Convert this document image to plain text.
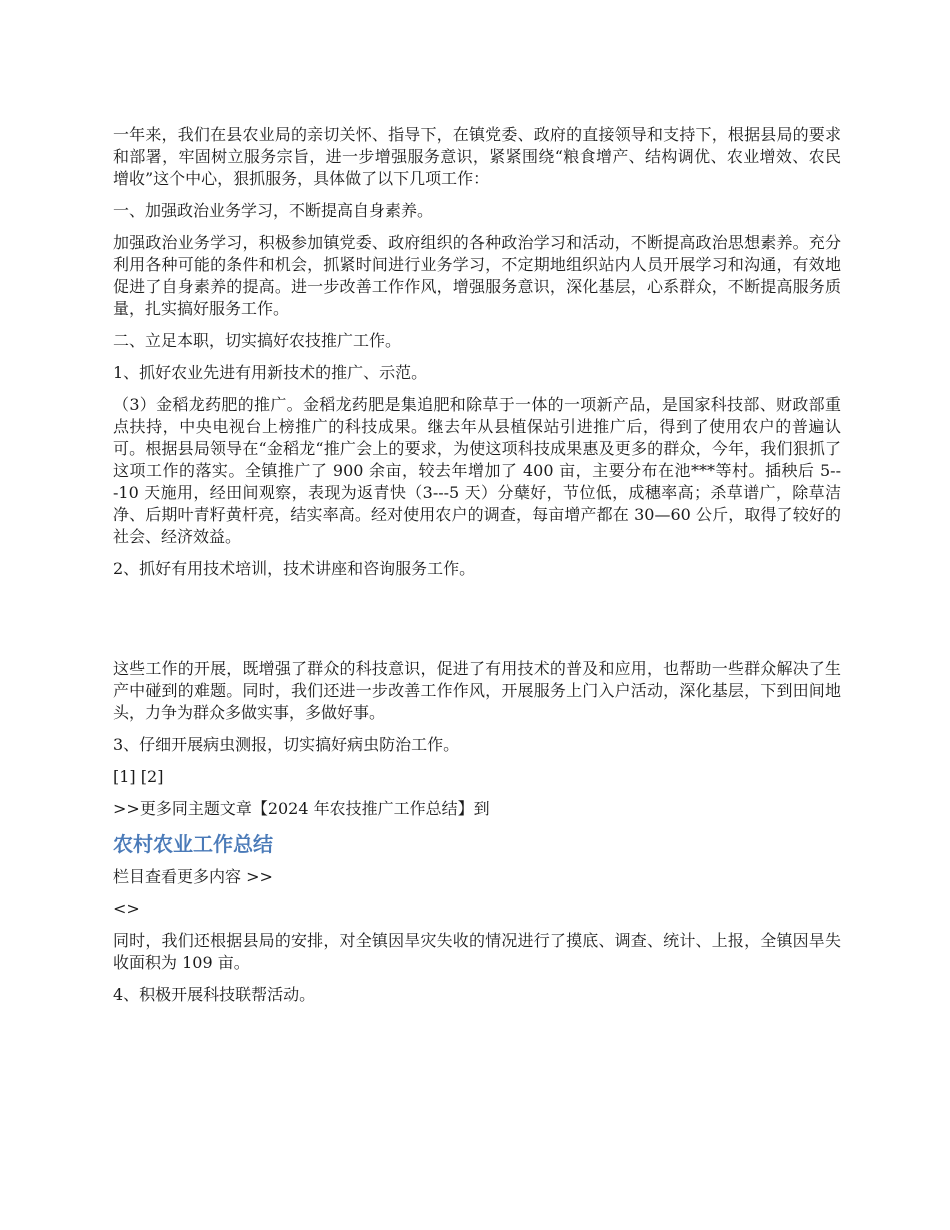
一年来，我们在县农业局的亲切关怀、指导下，在镇党委、政府的直接领导和支持下，根据县局的要求和部署，牢固树立服务宗旨，进一步增强服务意识，紧紧围绕“粮食增产、结构调优、农业增效、农民增收”这个中心，狠抓服务，具体做了以下几项工作：

一、加强政治业务学习，不断提高自身素养。

加强政治业务学习，积极参加镇党委、政府组织的各种政治学习和活动，不断提高政治思想素养。充分利用各种可能的条件和机会，抓紧时间进行业务学习，不定期地组织站内人员开展学习和沟通，有效地促进了自身素养的提高。进一步改善工作作风，增强服务意识，深化基层，心系群众，不断提高服务质量，扎实搞好服务工作。

二、立足本职，切实搞好农技推广工作。

1、抓好农业先进有用新技术的推广、示范。

（3）金稻龙药肥的推广。金稻龙药肥是集追肥和除草于一体的一项新产品，是国家科技部、财政部重点扶持，中央电视台上榜推广的科技成果。继去年从县植保站引进推广后，得到了使用农户的普遍认可。根据县局领导在“金稻龙“推广会上的要求，为使这项科技成果惠及更多的群众，今年，我们狠抓了这项工作的落实。全镇推广了 900 余亩，较去年增加了 400 亩，主要分布在池***等村。插秧后 5---10 天施用，经田间观察，表现为返青快（3---5 天）分蘖好，节位低，成穗率高；杀草谱广，除草洁净、后期叶青籽黄杆亮，结实率高。经对使用农户的调查，每亩增产都在 30—60 公斤，取得了较好的社会、经济效益。

2、抓好有用技术培训，技术讲座和咨询服务工作。

这些工作的开展，既增强了群众的科技意识，促进了有用技术的普及和应用，也帮助一些群众解决了生产中碰到的难题。同时，我们还进一步改善工作作风，开展服务上门入户活动，深化基层，下到田间地头，力争为群众多做实事，多做好事。

3、仔细开展病虫测报，切实搞好病虫防治工作。

[1] [2]

>>更多同主题文章【2024 年农技推广工作总结】到

农村农业工作总结

栏目查看更多内容 >>

<>

同时，我们还根据县局的安排，对全镇因旱灾失收的情况进行了摸底、调查、统计、上报，全镇因旱失收面积为 109 亩。

4、积极开展科技联帮活动。
